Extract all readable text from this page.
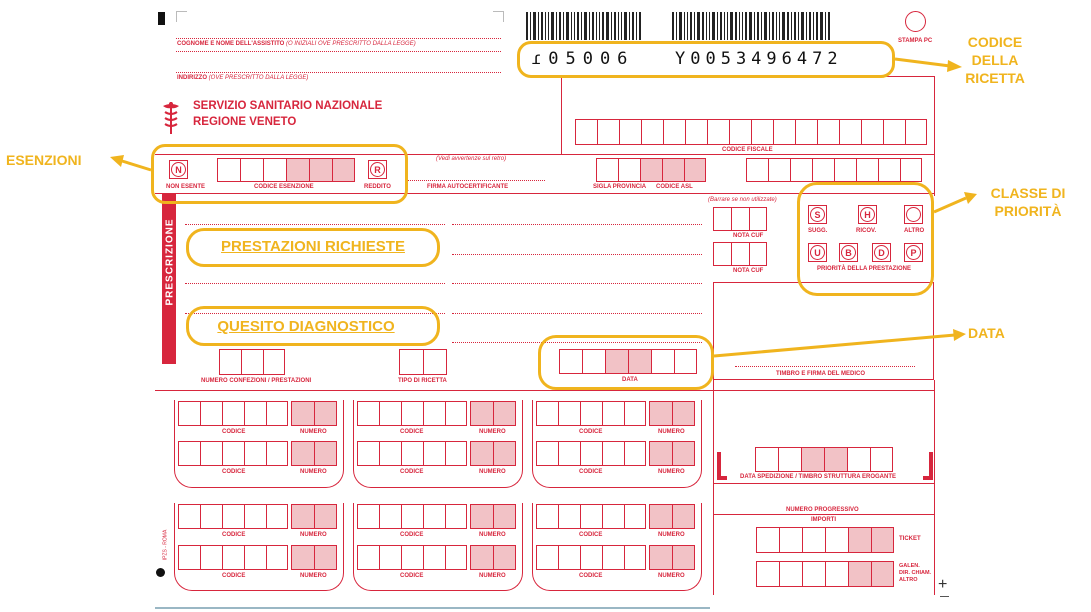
COGNOME E NOME DELL'ASSISTITO (O INIZIALI OVE PRESCRITTO DALLA LEGGE)
INDIRIZZO (OVE PRESCRITTO DALLA LEGGE)
SERVIZIO SANITARIO NAZIONALE
REGIONE VENETO
STAMPA PC
ɾ05006 Y0053496472
CODICE FISCALE
(Vedi avvertenze sul retro)
N
NON ESENTE	CODICE ESENZIONE
R
REDDITO	FIRMA AUTOCERTIFICANTE	SIGLA PROVINCIA CODICE ASL
PRESCRIZIONE
(Barrare se non utilizzate)
NOTA CUF
NOTA CUF
S
SUGG.
H
RICOV.	ALTRO
U	B	D	P
PRIORITÀ DELLA PRESTAZIONE
TIMBRO E FIRMA DEL MEDICO
NUMERO CONFEZIONI / PRESTAZIONI	TIPO DI RICETTA	DATA
CODICE	NUMERO
CODICE	NUMERO
CODICE	NUMERO
CODICE	NUMERO
CODICE	NUMERO
CODICE	NUMERO
CODICE	NUMERO
CODICE	NUMERO
CODICE	NUMERO
CODICE	NUMERO
CODICE	NUMERO
CODICE	NUMERO
DATA SPEDIZIONE / TIMBRO STRUTTURA EROGANTE
NUMERO PROGRESSIVO
IMPORTI
TICKET
GALEN.
DIR. CHIAM.
ALTRO
IPZS - ROMA
+
PRESTAZIONI RICHIESTE
QUESITO DIAGNOSTICO
ESENZIONI
CODICE
DELLA
RICETTA
CLASSE DI
PRIORITÀ
DATA
